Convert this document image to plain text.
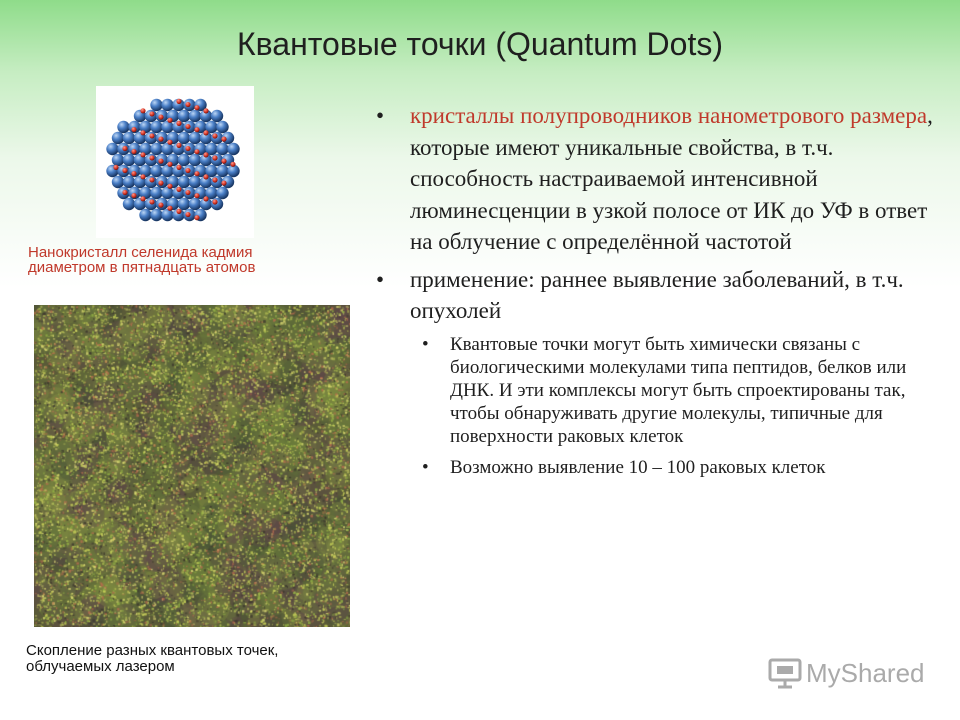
Квантовые точки (Quantum Dots)
Нанокристалл селенида кадмия
диаметром в пятнадцать атомов
Скопление разных квантовых точек,
облучаемых лазером
• кристаллы полупроводников нанометрового размера, которые имеют уникальные свойства, в т.ч. способность настраиваемой интенсивной люминесценции в узкой полосе от ИК до УФ в ответ на облучение с определённой частотой
• применение: раннее выявление заболеваний, в т.ч. опухолей
• Квантовые точки могут быть химически связаны с биологическими молекулами типа пептидов, белков или ДНК. И эти комплексы могут быть спроектированы так, чтобы обнаруживать другие молекулы, типичные для поверхности раковых клеток
• Возможно выявление 10 – 100 раковых клеток
MyShared
